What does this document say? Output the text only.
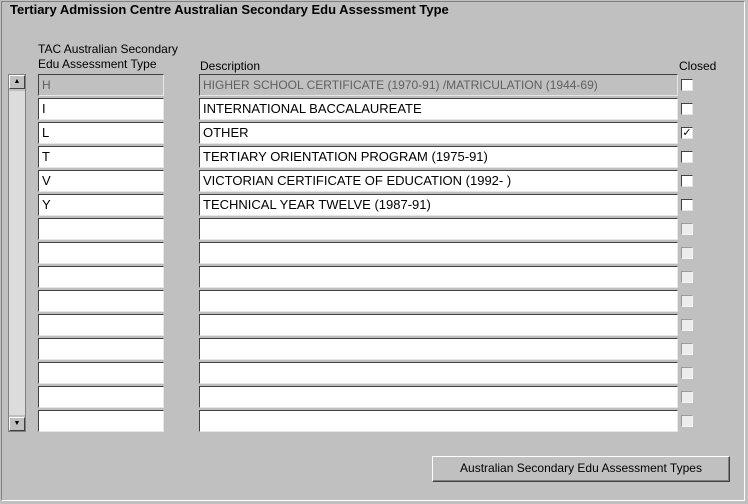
Tertiary Admission Centre Australian Secondary Edu Assessment Type
TAC Australian Secondary
Edu Assessment Type	Description	Closed
▲
▼
H	HIGHER SCHOOL CERTIFICATE (1970-91) /MATRICULATION (1944-69)
I	INTERNATIONAL BACCALAUREATE
L	OTHER	✓
T	TERTIARY ORIENTATION PROGRAM (1975-91)
V	VICTORIAN CERTIFICATE OF EDUCATION (1992- )
Y	TECHNICAL YEAR TWELVE (1987-91)
Australian Secondary Edu Assessment Types
